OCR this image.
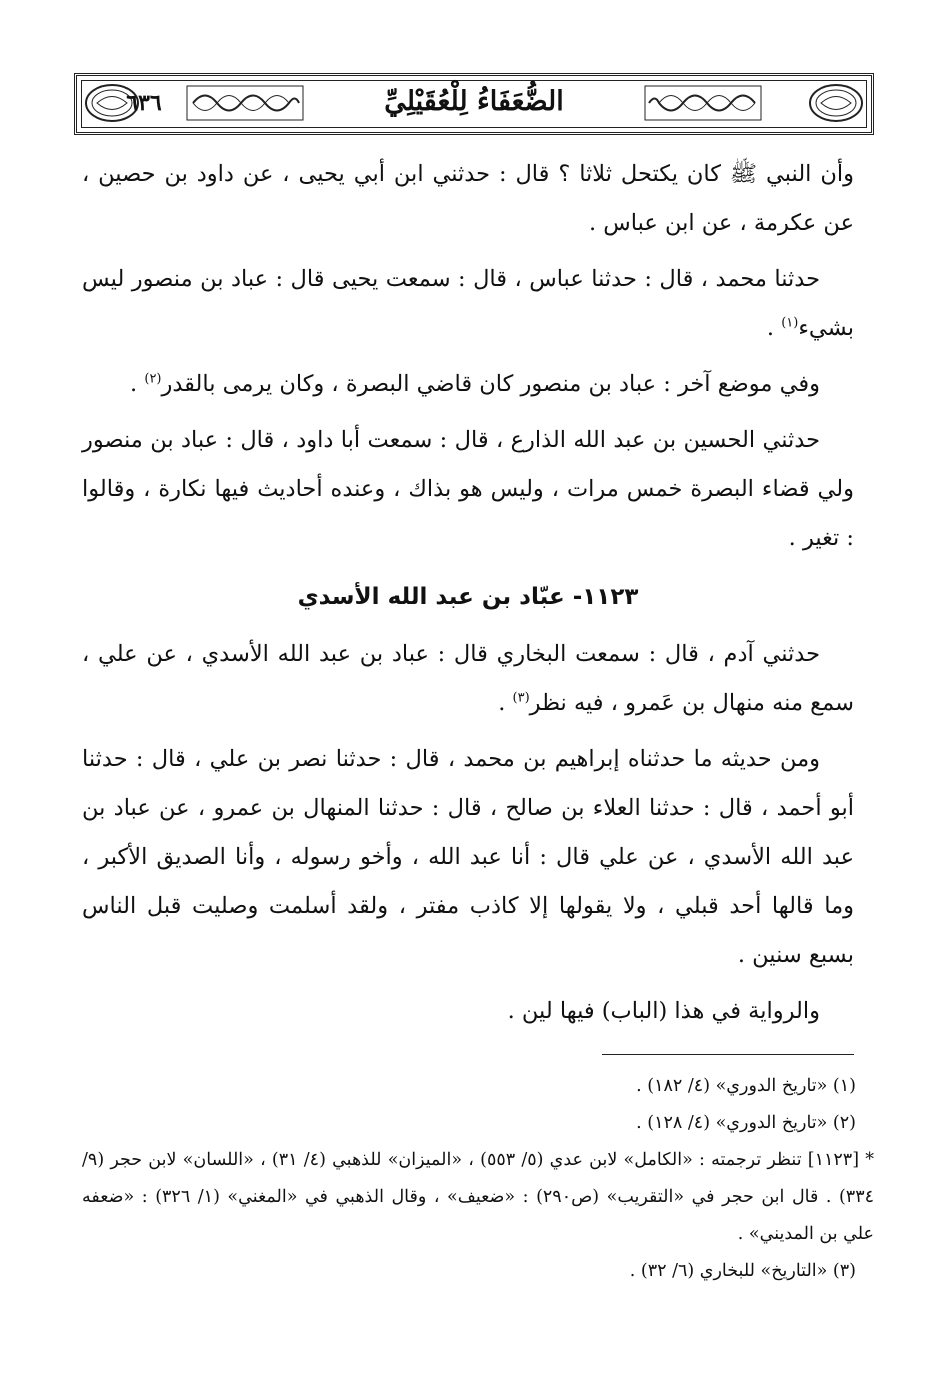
٦٣٦	الضُّعَفَاءُ لِلْعُقَيْلِيِّ

وأن النبي ﷺ كان يكتحل ثلاثا ؟ قال : حدثني ابن أبي يحيى ، عن داود بن حصين ، عن عكرمة ، عن ابن عباس .

حدثنا محمد ، قال : حدثنا عباس ، قال : سمعت يحيى قال : عباد بن منصور ليس بشيء$^{(١)}$ .

وفي موضع آخر : عباد بن منصور كان قاضي البصرة ، وكان يرمى بالقدر$^{(٢)}$ .

حدثني الحسين بن عبد الله الذارع ، قال : سمعت أبا داود ، قال : عباد بن منصور ولي قضاء البصرة خمس مرات ، وليس هو بذاك ، وعنده أحاديث فيها نكارة ، وقالوا : تغير .

١١٢٣- عبّاد بن عبد الله الأسدي

حدثني آدم ، قال : سمعت البخاري قال : عباد بن عبد الله الأسدي ، عن علي ، سمع منه منهال بن عَمرو ، فيه نظر$^{(٣)}$ .

ومن حديثه ما حدثناه إبراهيم بن محمد ، قال : حدثنا نصر بن علي ، قال : حدثنا أبو أحمد ، قال : حدثنا العلاء بن صالح ، قال : حدثنا المنهال بن عمرو ، عن عباد بن عبد الله الأسدي ، عن علي قال : أنا عبد الله ، وأخو رسوله ، وأنا الصديق الأكبر ، وما قالها أحد قبلي ، ولا يقولها إلا كاذب مفتر ، ولقد أسلمت وصليت قبل الناس بسبع سنين .

والرواية في هذا (الباب) فيها لين .

(١) «تاريخ الدوري» (٤/ ١٨٢) .

(٢) «تاريخ الدوري» (٤/ ١٢٨) .

* [١١٢٣] تنظر ترجمته : «الكامل» لابن عدي (٥/ ٥٥٣) ، «الميزان» للذهبي (٤/ ٣١) ، «اللسان» لابن حجر (٩/ ٣٣٤) . قال ابن حجر في «التقريب» (ص٢٩٠) : «ضعيف» ، وقال الذهبي في «المغني» (١/ ٣٢٦) : «ضعفه علي بن المديني» .

(٣) «التاريخ» للبخاري (٦/ ٣٢) .
